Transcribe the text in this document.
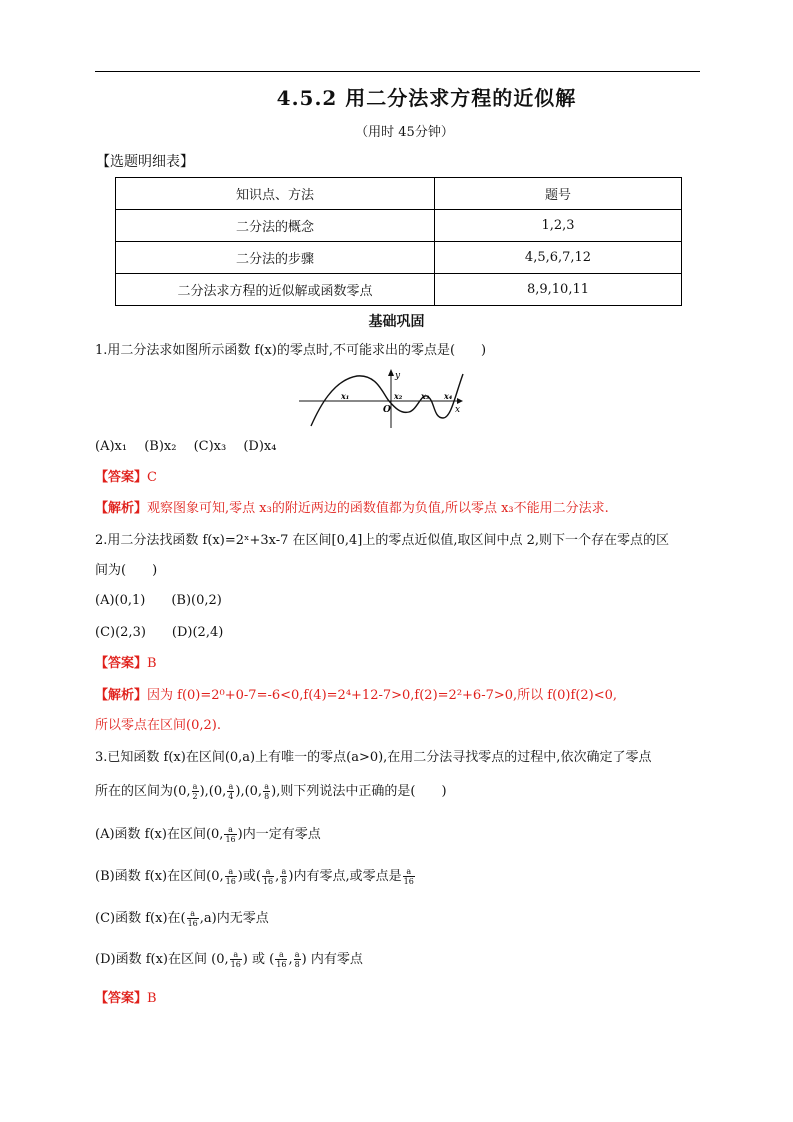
4.5.2 用二分法求方程的近似解
（用时 45分钟）
【选题明细表】
知识点、方法	题号
二分法的概念	1,2,3
二分法的步骤	4,5,6,7,12
二分法求方程的近似解或函数零点	8,9,10,11
基础巩固
1.用二分法求如图所示函数 f(x)的零点时,不可能求出的零点是(　　)
y
x
O
x₁	x₂ x₃ x₄
(A)x₁　 (B)x₂　 (C)x₃　 (D)x₄
【答案】C
【解析】观察图象可知,零点 x₃的附近两边的函数值都为负值,所以零点 x₃不能用二分法求.
2.用二分法找函数 f(x)=2ˣ+3x-7 在区间[0,4]上的零点近似值,取区间中点 2,则下一个存在零点的区
间为(　　)
(A)(0,1)　　(B)(0,2)
(C)(2,3)　　(D)(2,4)
【答案】B
【解析】因为 f(0)=2⁰+0-7=-6<0,f(4)=2⁴+12-7>0,f(2)=2²+6-7>0,所以 f(0)f(2)<0,
所以零点在区间(0,2).
3.已知函数 f(x)在区间(0,a)上有唯一的零点(a>0),在用二分法寻找零点的过程中,依次确定了零点
所在的区间为(0, $\frac{a}{2} ),(0$, $\frac{a}{4} ),(0$, $\frac{a}{8}$ ),则下列说法中正确的是(　　)
(A)函数 f(x)在区间(0, $\frac{a}{16}$ )内一定有零点
(B)函数 f(x)在区间(0, $\frac{a}{16}$ )或( $\frac{a}{16}$ , $\frac{a}{8}$ )内有零点,或零点是 $\frac{a}{16}$
(C)函数 f(x)在( $\frac{a}{16} ,a$)内无零点
(D)函数 f(x)在区间 (0, $\frac{a}{16}$ ) 或 ( $\frac{a}{16}$ , $\frac{a}{8}$ ) 内有零点
【答案】B
